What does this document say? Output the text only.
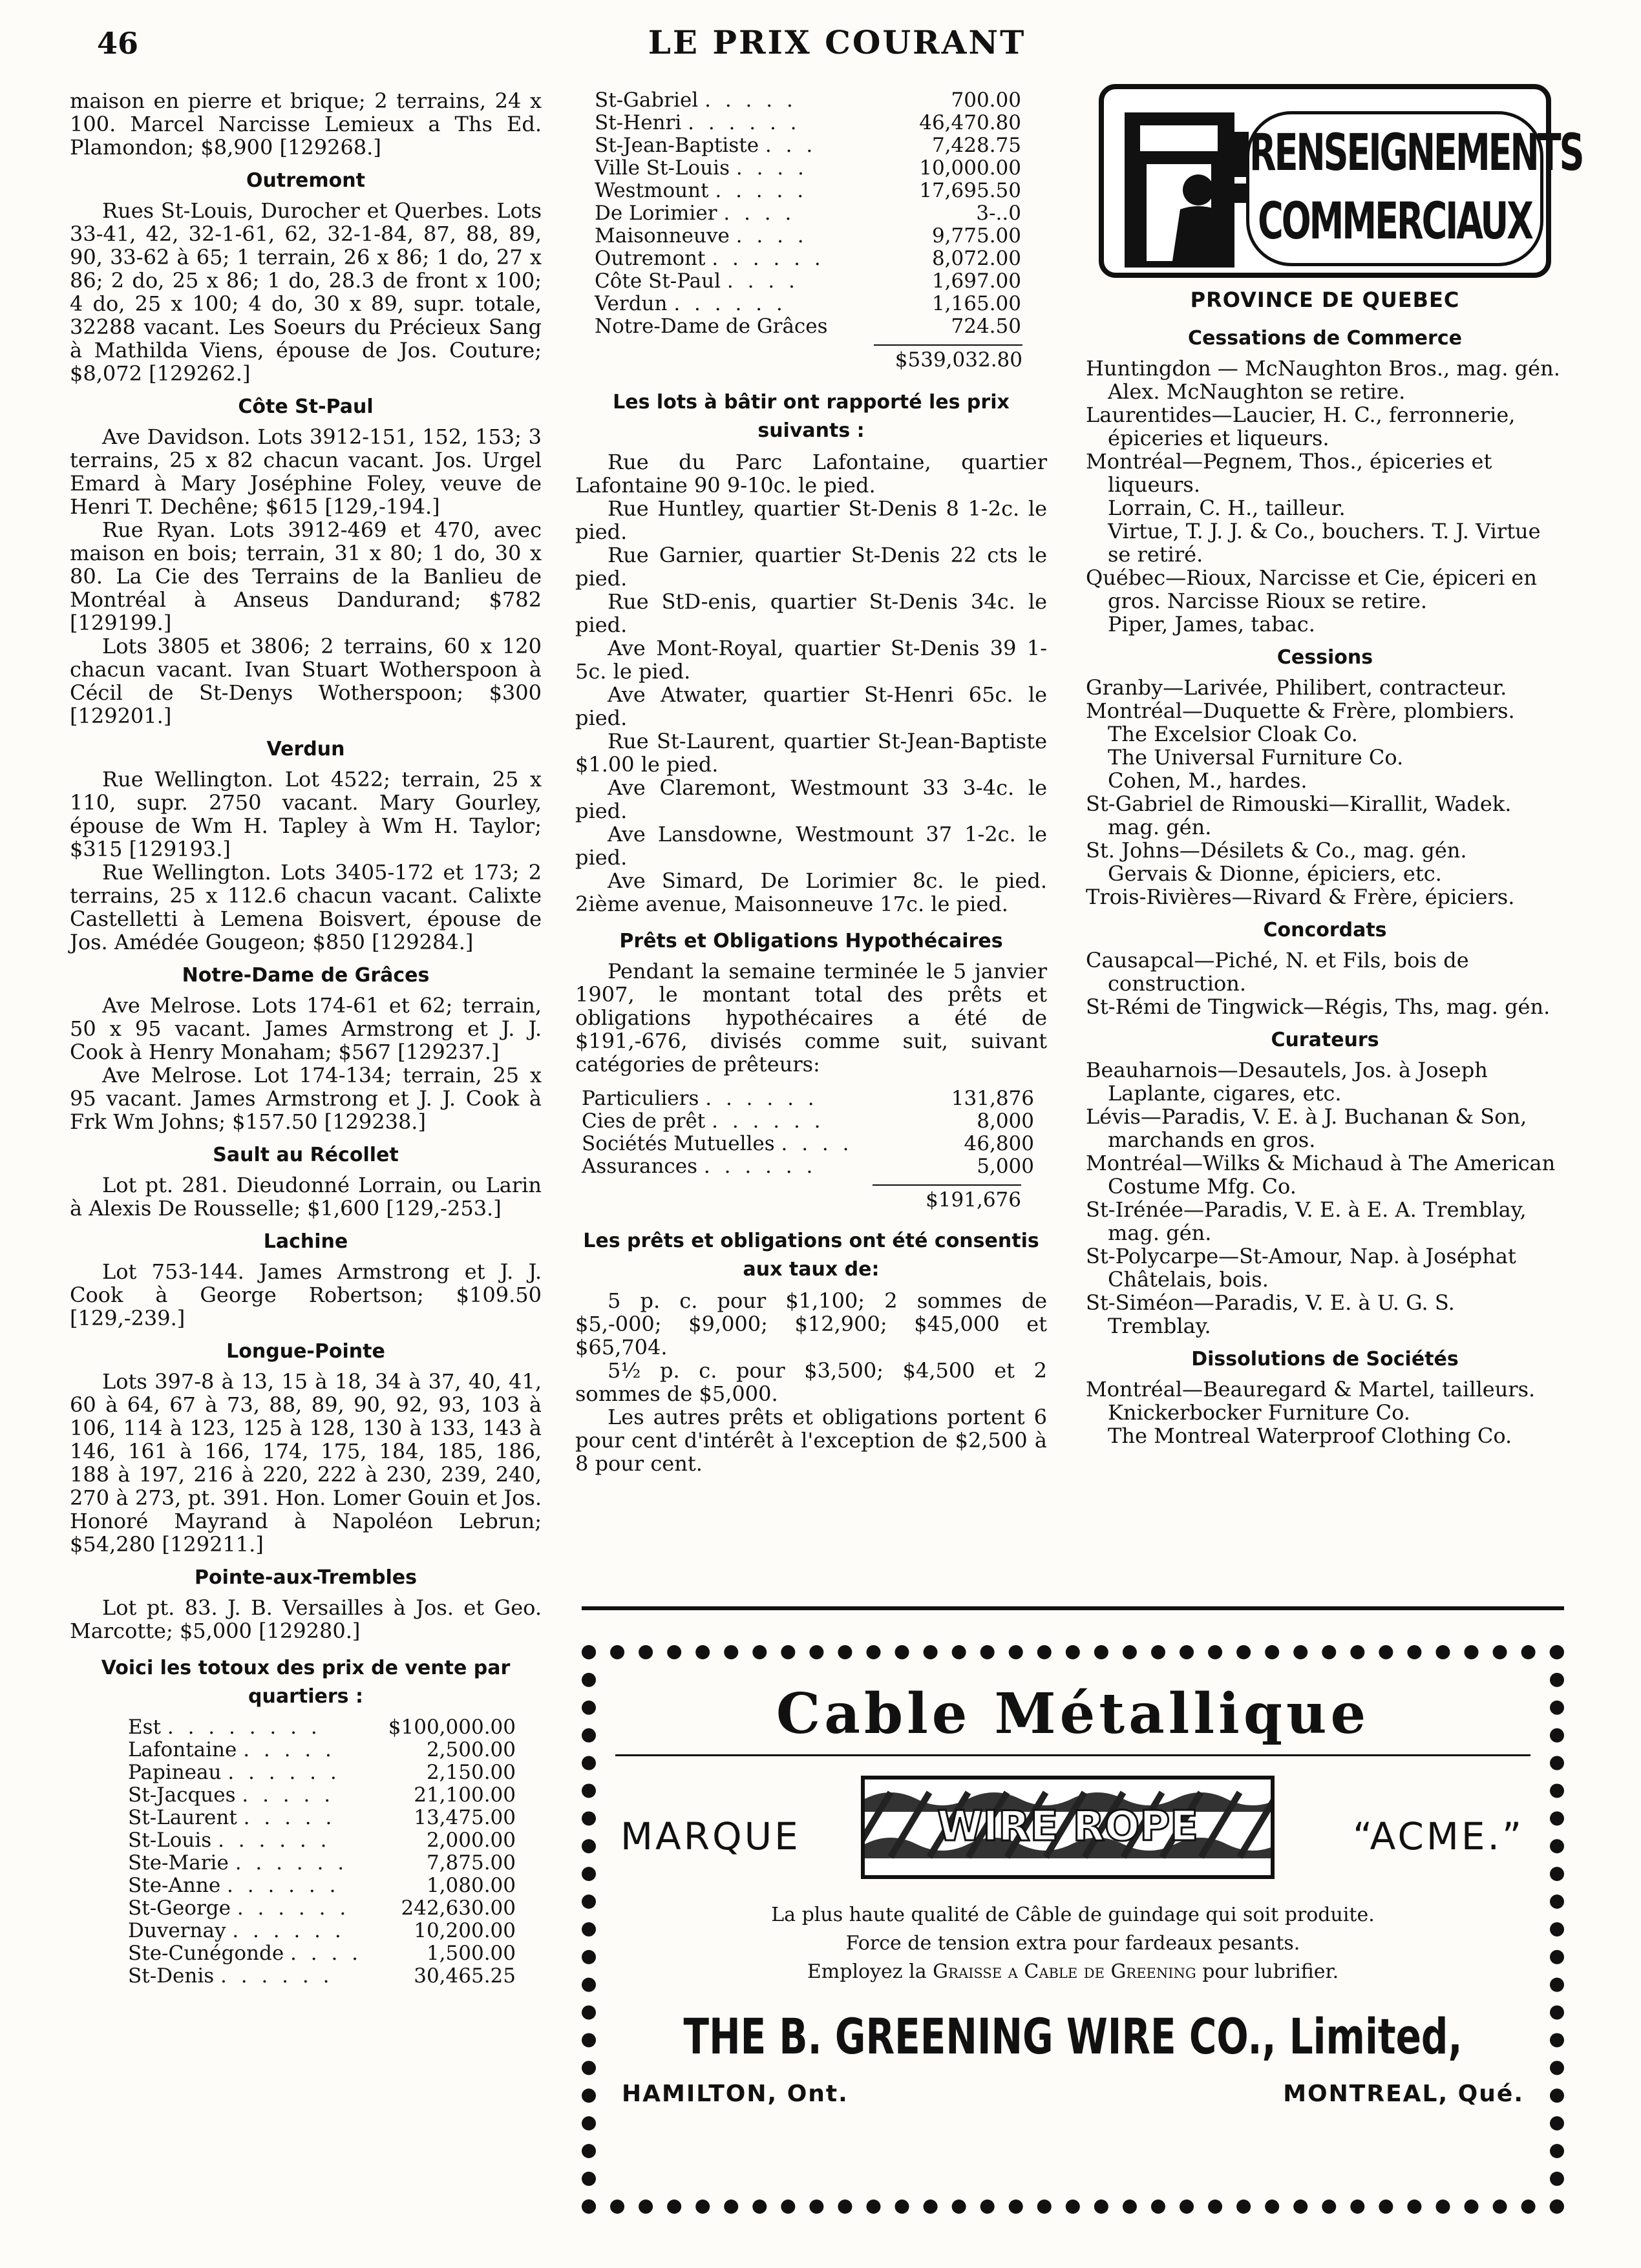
46	LE PRIX COURANT

maison en pierre et brique; 2 terrains, 24 x 100. Marcel Narcisse Lemieux a Ths Ed. Plamondon; $8,900 [129268.]

Outremont

Rues St-Louis, Durocher et Querbes. Lots 33-41, 42, 32-1-61, 62, 32-1-84, 87, 88, 89, 90, 33-62 à 65; 1 terrain, 26 x 86; 1 do, 27 x 86; 2 do, 25 x 86; 1 do, 28.3 de front x 100; 4 do, 25 x 100; 4 do, 30 x 89, supr. totale, 32288 vacant. Les Soeurs du Précieux Sang à Mathilda Viens, épouse de Jos. Couture; $8,072 [129262.]

Côte St-Paul

Ave Davidson. Lots 3912-151, 152, 153; 3 terrains, 25 x 82 chacun vacant. Jos. Urgel Emard à Mary Joséphine Foley, veuve de Henri T. Dechêne; $615 [129,-194.]

Rue Ryan. Lots 3912-469 et 470, avec maison en bois; terrain, 31 x 80; 1 do, 30 x 80. La Cie des Terrains de la Banlieu de Montréal à Anseus Dandurand; $782 [129199.]

Lots 3805 et 3806; 2 terrains, 60 x 120 chacun vacant. Ivan Stuart Wotherspoon à Cécil de St-Denys Wotherspoon; $300 [129201.]

Verdun

Rue Wellington. Lot 4522; terrain, 25 x 110, supr. 2750 vacant. Mary Gourley, épouse de Wm H. Tapley à Wm H. Taylor; $315 [129193.]

Rue Wellington. Lots 3405-172 et 173; 2 terrains, 25 x 112.6 chacun vacant. Calixte Castelletti à Lemena Boisvert, épouse de Jos. Amédée Gougeon; $850 [129284.]

Notre-Dame de Grâces

Ave Melrose. Lots 174-61 et 62; terrain, 50 x 95 vacant. James Armstrong et J. J. Cook à Henry Monaham; $567 [129237.]

Ave Melrose. Lot 174-134; terrain, 25 x 95 vacant. James Armstrong et J. J. Cook à Frk Wm Johns; $157.50 [129238.]

Sault au Récollet

Lot pt. 281. Dieudonné Lorrain, ou Larin à Alexis De Rousselle; $1,600 [129,-253.]

Lachine

Lot 753-144. James Armstrong et J. J. Cook à George Robertson; $109.50 [129,-239.]

Longue-Pointe

Lots 397-8 à 13, 15 à 18, 34 à 37, 40, 41, 60 à 64, 67 à 73, 88, 89, 90, 92, 93, 103 à 106, 114 à 123, 125 à 128, 130 à 133, 143 à 146, 161 à 166, 174, 175, 184, 185, 186, 188 à 197, 216 à 220, 222 à 230, 239, 240, 270 à 273, pt. 391. Hon. Lomer Gouin et Jos. Honoré Mayrand à Napoléon Lebrun; $54,280 [129211.]

Pointe-aux-Trembles

Lot pt. 83. J. B. Versailles à Jos. et Geo. Marcotte; $5,000 [129280.]

Voici les totoux des prix de vente par quartiers :
Est . . . . . . . .	$100,000.00
Lafontaine . . . . .	2,500.00
Papineau . . . . . .	2,150.00
St-Jacques . . . . .	21,100.00
St-Laurent . . . . .	13,475.00
St-Louis . . . . . .	2,000.00
Ste-Marie . . . . . .	7,875.00
Ste-Anne . . . . . .	1,080.00
St-George . . . . . .	242,630.00
Duvernay . . . . . .	10,200.00
Ste-Cunégonde . . . .	1,500.00
St-Denis . . . . . .	30,465.25
St-Gabriel . . . . .	700.00
St-Henri . . . . . .	46,470.80
St-Jean-Baptiste . . .	7,428.75
Ville St-Louis . . . .	10,000.00
Westmount . . . . .	17,695.50
De Lorimier . . . .	3-..0
Maisonneuve . . . .	9,775.00
Outremont . . . . . .	8,072.00
Côte St-Paul . . . .	1,697.00
Verdun . . . . . .	1,165.00
Notre-Dame de Grâces	724.50
$539,032.80
Les lots à bâtir ont rapporté les prix suivants :

Rue du Parc Lafontaine, quartier Lafontaine 90 9-10c. le pied.

Rue Huntley, quartier St-Denis 8 1-2c. le pied.

Rue Garnier, quartier St-Denis 22 cts le pied.

Rue StD-enis, quartier St-Denis 34c. le pied.

Ave Mont-Royal, quartier St-Denis 39 1-5c. le pied.

Ave Atwater, quartier St-Henri 65c. le pied.

Rue St-Laurent, quartier St-Jean-Baptiste $1.00 le pied.

Ave Claremont, Westmount 33 3-4c. le pied.

Ave Lansdowne, Westmount 37 1-2c. le pied.

Ave Simard, De Lorimier 8c. le pied. 2ième avenue, Maisonneuve 17c. le pied.

Prêts et Obligations Hypothécaires

Pendant la semaine terminée le 5 janvier 1907, le montant total des prêts et obligations hypothécaires a été de $191,-676, divisés comme suit, suivant catégories de prêteurs:

Particuliers . . . . . .	131,876
Cies de prêt . . . . . .	8,000
Sociétés Mutuelles . . . .	46,800
Assurances . . . . . .	5,000
$191,676
Les prêts et obligations ont été consentis aux taux de:

5 p. c. pour $1,100; 2 sommes de $5,-000; $9,000; $12,900; $45,000 et $65,704.

5½ p. c. pour $3,500; $4,500 et 2 sommes de $5,000.

Les autres prêts et obligations portent 6 pour cent d'intérêt à l'exception de $2,500 à 8 pour cent.

RENSEIGNEMENTS
COMMERCIAUX
PROVINCE DE QUEBEC
Cessations de Commerce

Huntingdon — McNaughton Bros., mag. gén. Alex. McNaughton se retire.

Laurentides—Laucier, H. C., ferronnerie, épiceries et liqueurs.

Montréal—Pegnem, Thos., épiceries et liqueurs.

Lorrain, C. H., tailleur.

Virtue, T. J. J. & Co., bouchers. T. J. Virtue se retiré.

Québec—Rioux, Narcisse et Cie, épiceri en gros. Narcisse Rioux se retire.

Piper, James, tabac.

Cessions

Granby—Larivée, Philibert, contracteur.

Montréal—Duquette & Frère, plombiers.

The Excelsior Cloak Co.

The Universal Furniture Co.

Cohen, M., hardes.

St-Gabriel de Rimouski—Kirallit, Wadek. mag. gén.

St. Johns—Désilets & Co., mag. gén.

Gervais & Dionne, épiciers, etc.

Trois-Rivières—Rivard & Frère, épiciers.

Concordats

Causapcal—Piché, N. et Fils, bois de construction.

St-Rémi de Tingwick—Régis, Ths, mag. gén.

Curateurs

Beauharnois—Desautels, Jos. à Joseph Laplante, cigares, etc.

Lévis—Paradis, V. E. à J. Buchanan & Son, marchands en gros.

Montréal—Wilks & Michaud à The American Costume Mfg. Co.

St-Irénée—Paradis, V. E. à E. A. Tremblay, mag. gén.

St-Polycarpe—St-Amour, Nap. à Joséphat Châtelais, bois.

St-Siméon—Paradis, V. E. à U. G. S. Tremblay.

Dissolutions de Sociétés

Montréal—Beauregard & Martel, tailleurs.

Knickerbocker Furniture Co.

The Montreal Waterproof Clothing Co.

Cable Métallique
MARQUE	WIRE ROPE	“ACME.”
La plus haute qualité de Câble de guindage qui soit produite.
Force de tension extra pour fardeaux pesants.
Employez la Graisse a Cable de Greening pour lubrifier.
THE B. GREENING WIRE CO., Limited,
HAMILTON, Ont.	MONTREAL, Qué.
